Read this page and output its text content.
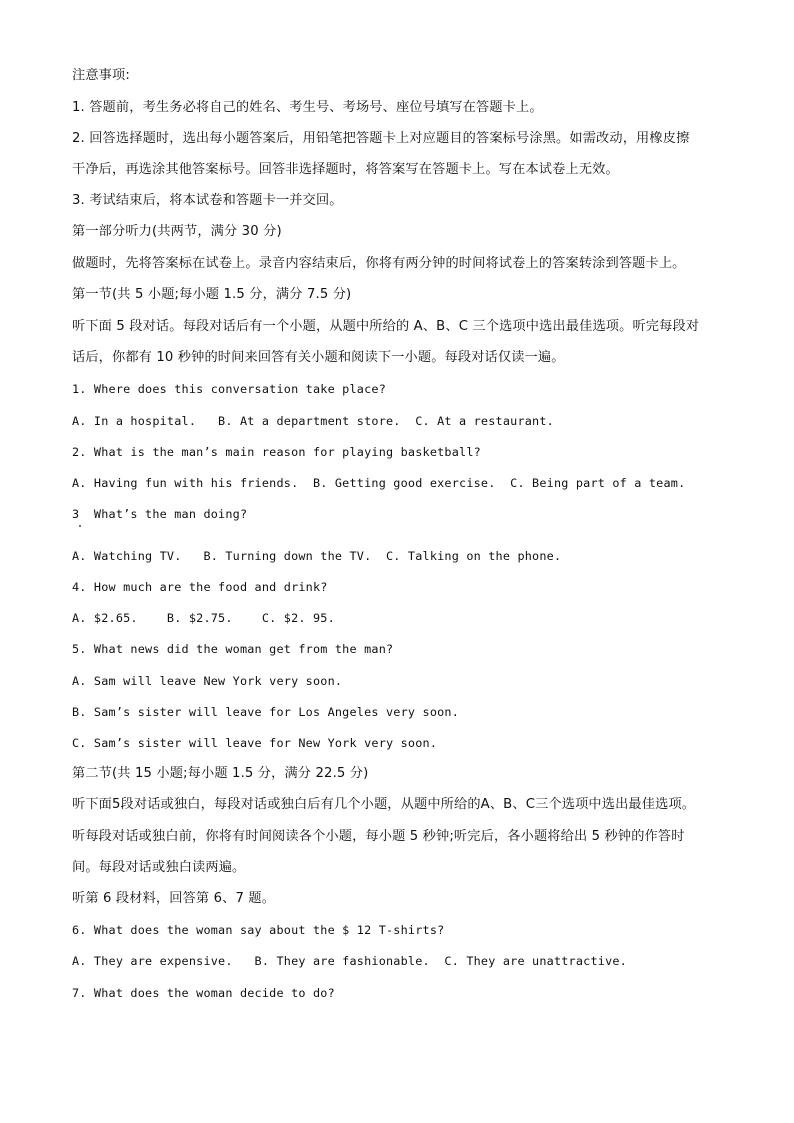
注意事项:
1. 答题前，考生务必将自己的姓名、考生号、考场号、座位号填写在答题卡上。
2. 回答选择题时，选出每小题答案后，用铅笔把答题卡上对应题目的答案标号涂黑。如需改动，用橡皮擦
干净后，再选涂其他答案标号。回答非选择题时，将答案写在答题卡上。写在本试卷上无效。
3. 考试结束后，将本试卷和答题卡一并交回。
第一部分听力(共两节，满分 30 分)
做题时，先将答案标在试卷上。录音内容结束后，你将有两分钟的时间将试卷上的答案转涂到答题卡上。
第一节(共 5 小题;每小题 1.5 分，满分 7.5 分)
听下面 5 段对话。每段对话后有一个小题，从题中所给的 A、B、C 三个选项中选出最佳选项。听完每段对
话后，你都有 10 秒钟的时间来回答有关小题和阅读下一小题。每段对话仅读一遍。
1. Where does this conversation take place?
A. In a hospital.   B. At a department store.  C. At a restaurant.
2. What is the man’s main reason for playing basketball?
A. Having fun with his friends.  B. Getting good exercise.  C. Being part of a team.
3  What’s the man doing?
A. Watching TV.   B. Turning down the TV.  C. Talking on the phone.
4. How much are the food and drink?
A. $2.65.    B. $2.75.    C. $2. 95.
5. What news did the woman get from the man?
A. Sam will leave New York very soon.
B. Sam’s sister will leave for Los Angeles very soon.
C. Sam’s sister will leave for New York very soon.
第二节(共 15 小题;每小题 1.5 分，满分 22.5 分)
听下面5段对话或独白，每段对话或独白后有几个小题，从题中所给的A、B、C三个选项中选出最佳选项。
听每段对话或独白前，你将有时间阅读各个小题，每小题 5 秒钟;听完后，各小题将给出 5 秒钟的作答时
间。每段对话或独白读两遍。
听第 6 段材料，回答第 6、7 题。
6. What does the woman say about the $ 12 T-shirts?
A. They are expensive.   B. They are fashionable.  C. They are unattractive.
7. What does the woman decide to do?
